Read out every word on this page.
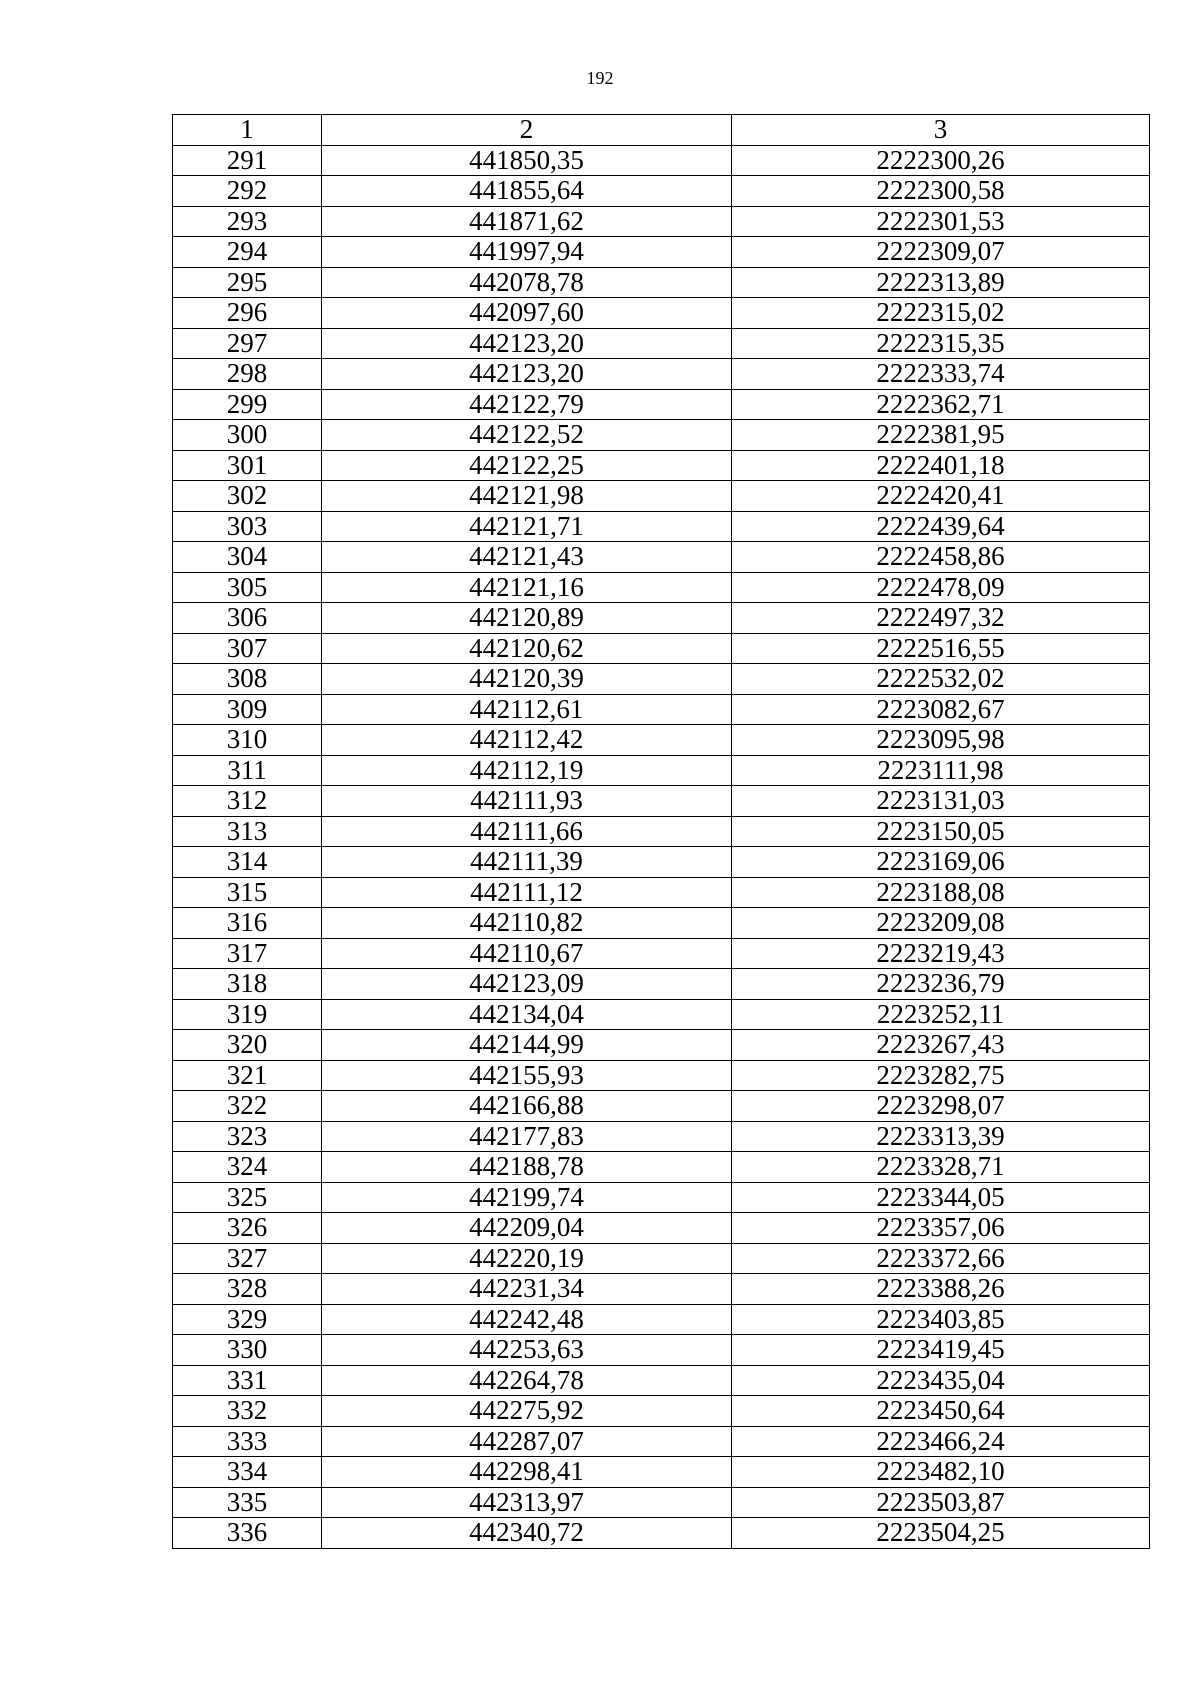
192
1	2	3
291	441850,35	2222300,26
292	441855,64	2222300,58
293	441871,62	2222301,53
294	441997,94	2222309,07
295	442078,78	2222313,89
296	442097,60	2222315,02
297	442123,20	2222315,35
298	442123,20	2222333,74
299	442122,79	2222362,71
300	442122,52	2222381,95
301	442122,25	2222401,18
302	442121,98	2222420,41
303	442121,71	2222439,64
304	442121,43	2222458,86
305	442121,16	2222478,09
306	442120,89	2222497,32
307	442120,62	2222516,55
308	442120,39	2222532,02
309	442112,61	2223082,67
310	442112,42	2223095,98
311	442112,19	2223111,98
312	442111,93	2223131,03
313	442111,66	2223150,05
314	442111,39	2223169,06
315	442111,12	2223188,08
316	442110,82	2223209,08
317	442110,67	2223219,43
318	442123,09	2223236,79
319	442134,04	2223252,11
320	442144,99	2223267,43
321	442155,93	2223282,75
322	442166,88	2223298,07
323	442177,83	2223313,39
324	442188,78	2223328,71
325	442199,74	2223344,05
326	442209,04	2223357,06
327	442220,19	2223372,66
328	442231,34	2223388,26
329	442242,48	2223403,85
330	442253,63	2223419,45
331	442264,78	2223435,04
332	442275,92	2223450,64
333	442287,07	2223466,24
334	442298,41	2223482,10
335	442313,97	2223503,87
336	442340,72	2223504,25
